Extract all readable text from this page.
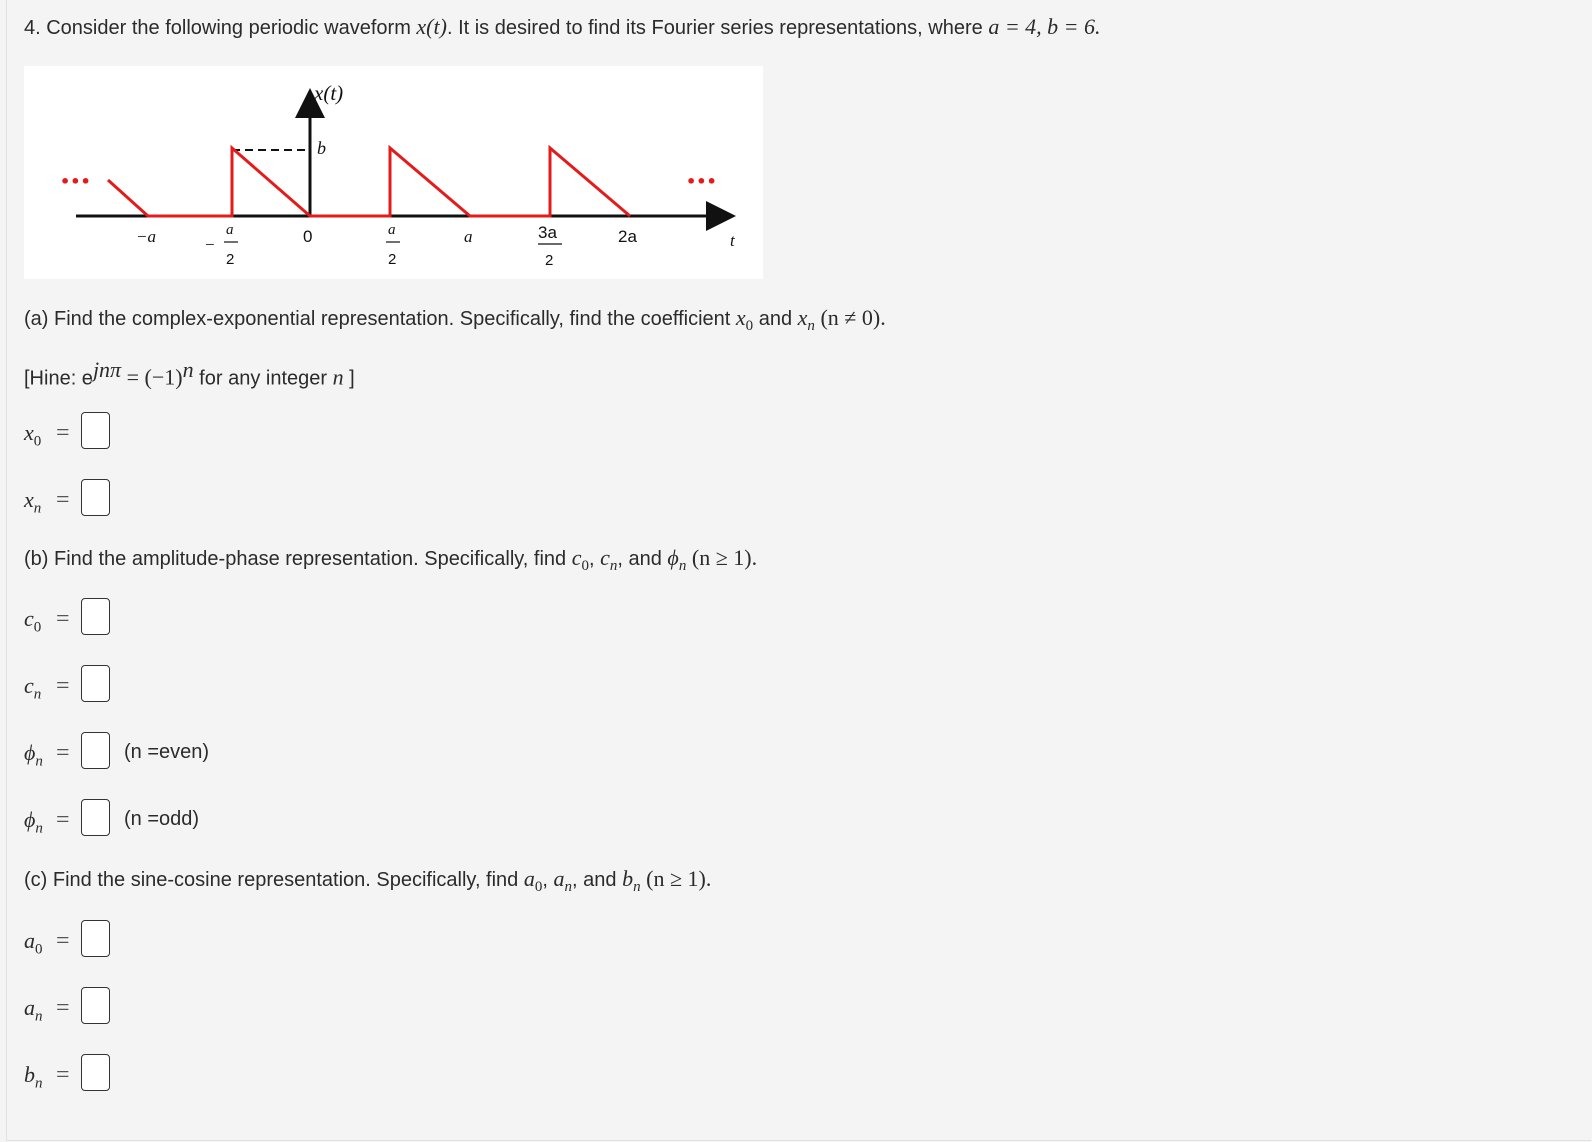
4. Consider the following periodic waveform x(t). It is desired to find its Fourier series representations, where a = 4, b = 6.
•••	•••
x(t)
b
t
−a	−
a
2
0	a
2
a	3a
2
2a
(a) Find the complex-exponential representation. Specifically, find the coefficient $x_0$ and $x_n$ (n ≠ 0).
[Hine: $e^{jn\pi} = (-1)^n$ for any integer n ]
$x_0$ =
$x_n$ =
(b) Find the amplitude-phase representation. Specifically, find $c_0$, $c_n$, and $\phi_n$ (n ≥ 1).
$c_0$ =
$c_n$ =
$\phi_n$ =	(n =even)
$\phi_n$ =	(n =odd)
(c) Find the sine-cosine representation. Specifically, find $a_0$, $a_n$, and $b_n$ (n ≥ 1).
$a_0$ =
$a_n$ =
$b_n$ =
